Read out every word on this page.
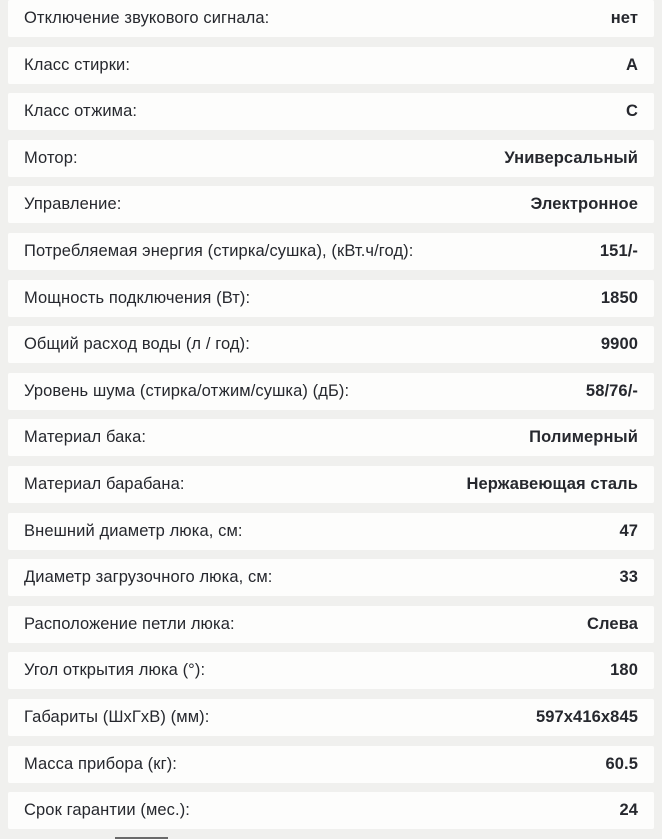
Отключение звукового сигнала:	нет
Класс стирки:	A
Класс отжима:	C
Мотор:	Универсальный
Управление:	Электронное
Потребляемая энергия (стирка/сушка), (кВт.ч/год):	151/-
Мощность подключения (Вт):	1850
Общий расход воды (л / год):	9900
Уровень шума (стирка/отжим/сушка) (дБ):	58/76/-
Материал бака:	Полимерный
Материал барабана:	Нержавеющая сталь
Внешний диаметр люка, см:	47
Диаметр загрузочного люка, см:	33
Расположение петли люка:	Слева
Угол открытия люка (°):	180
Габариты (ШхГхВ) (мм):	597x416x845
Масса прибора (кг):	60.5
Срок гарантии (мес.):	24
